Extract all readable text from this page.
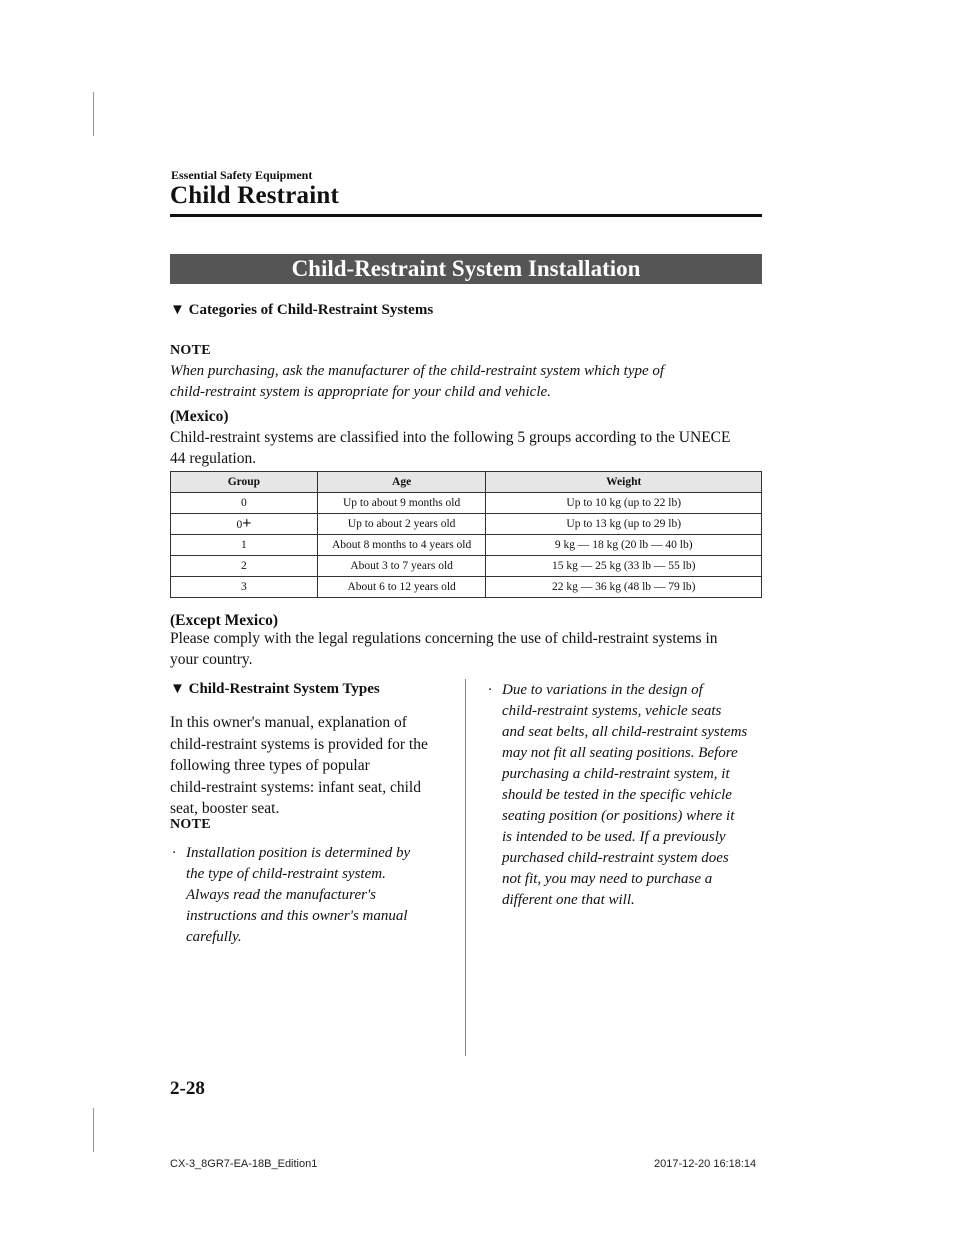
Essential Safety Equipment
Child Restraint
Child-Restraint System Installation
▼ Categories of Child-Restraint Systems
NOTE
When purchasing, ask the manufacturer of the child-restraint system which type of
child-restraint system is appropriate for your child and vehicle.
(Mexico)
Child-restraint systems are classified into the following 5 groups according to the UNECE
44 regulation.
Group	Age	Weight
0	Up to about 9 months old	Up to 10 kg (up to 22 lb)
0+	Up to about 2 years old	Up to 13 kg (up to 29 lb)
1	About 8 months to 4 years old	9 kg ― 18 kg (20 lb ― 40 lb)
2	About 3 to 7 years old	15 kg ― 25 kg (33 lb ― 55 lb)
3	About 6 to 12 years old	22 kg ― 36 kg (48 lb ― 79 lb)
(Except Mexico)
Please comply with the legal regulations concerning the use of child-restraint systems in
your country.
▼ Child-Restraint System Types
In this owner's manual, explanation of
child-restraint systems is provided for the
following three types of popular
child-restraint systems: infant seat, child
seat, booster seat.
NOTE
· Installation position is determined by
the type of child-restraint system.
Always read the manufacturer's
instructions and this owner's manual
carefully.
· Due to variations in the design of
child-restraint systems, vehicle seats
and seat belts, all child-restraint systems
may not fit all seating positions. Before
purchasing a child-restraint system, it
should be tested in the specific vehicle
seating position (or positions) where it
is intended to be used. If a previously
purchased child-restraint system does
not fit, you may need to purchase a
different one that will.
2-28
CX-3_8GR7-EA-18B_Edition1	2017-12-20 16:18:14
